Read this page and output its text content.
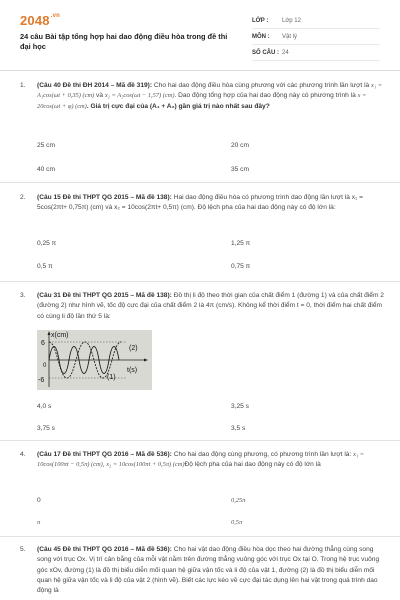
$2048^{.vn}$
24 câu Bài tập tổng hợp hai dao động điều hòa trong đề thi đại học
LỚP :	Lớp 12
MÔN :	Vật lý
SỐ CÂU : 24
1. (Câu 40 Đề thi ĐH 2014 – Mã đề 319): Cho hai dao động điều hòa cùng phương với các phương trình lần lượt là x₁ = A₁cos(ωt + 0,35) (cm) và x₂ = A₂cos(ωt − 1,57) (cm). Dao động tổng hợp của hai dao động này có phương trình là x = 20cos(ωt + φ) (cm). Giá trị cực đại của (A₁ + A₂) gần giá trị nào nhất sau đây?
25 cm	20 cm
40 cm	35 cm
2. (Câu 15 Đề thi THPT QG 2015 – Mã đề 138): Hai dao động điều hòa có phương trình dao động lần lượt là x₁ = 5cos(2πt+ 0,75π) (cm) và x₂ = 10cos(2πt+ 0,5π) (cm). Độ lệch pha của hai dao động này có độ lớn là:
0,25 π	1,25 π
0,5 π	0,75 π
3. (Câu 31 Đề thi THPT QG 2015 – Mã đề 138): Đồ thị li độ theo thời gian của chất điểm 1 (đường 1) và của chất điểm 2 (đường 2) như hình vẽ, tốc độ cực đại của chất điểm 2 là 4π (cm/s). Không kể thời điểm t = 0, thời điểm hai chất điểm có cùng li độ lần thứ 5 là:
x(cm)
t(s)
6
-6
0
(2)
(1)
4,0 s	3,25 s
3,75 s	3,5 s
4. (Câu 17 Đề thi THPT QG 2016 – Mã đề 536): Cho hai dao động cùng phương, có phương trình lần lượt là: x₁ = 10cos(100πt − 0,5π) (cm), x₂ = 10cos(100πt + 0,5π) (cm)Độ lệch pha của hai dao động này có độ lớn là
0	0,25π
π	0,5π
5. (Câu 45 Đề thi THPT QG 2016 – Mã đề 536): Cho hai vật dao động điều hòa dọc theo hai đường thẳng cùng song song với trục Ox. Vị trí cân bằng của mỗi vật nằm trên đường thẳng vuông góc với trục Ox tại O. Trong hệ trục vuông góc xOv, đường (1) là đồ thị biểu diễn mối quan hệ giữa vận tốc và li độ của vật 1, đường (2) là đồ thị biểu diễn mối quan hệ giữa vận tốc và li độ của vật 2 (hình vẽ). Biết các lực kéo về cực đại tác dụng lên hai vật trong quá trình dao động là
